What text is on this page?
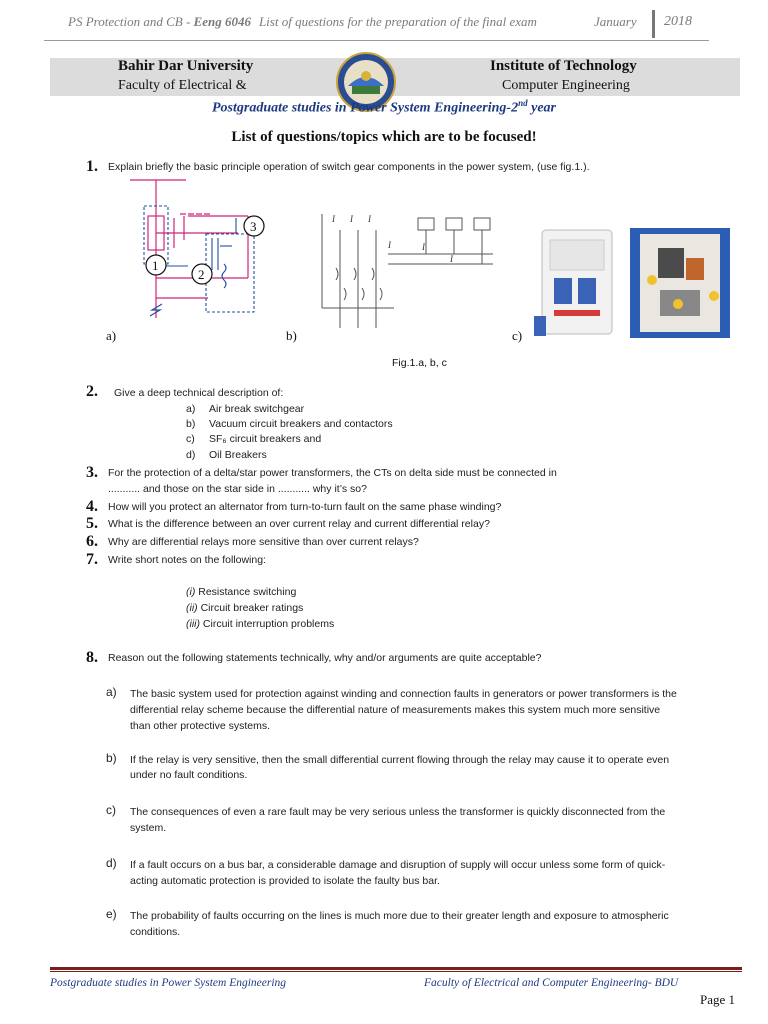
PS Protection and CB - Eeng 6046 List of questions for the preparation of the final exam	January 2018
Bahir Dar University
Faculty of Electrical &
Institute of Technology
Computer Engineering
Postgraduate studies in Power System Engineering-2nd year
List of questions/topics which are to be focused!
1. Explain briefly the basic principle operation of switch gear components in the power system, (use fig.1.).
1
2
3
a)
I I I
I	I
I
b)	c)
Fig.1.a, b, c
2. Give a deep technical description of:
a) Air break switchgear
b) Vacuum circuit breakers and contactors
c) SF₆ circuit breakers and
d) Oil Breakers
3. For the protection of a delta/star power transformers, the CTs on delta side must be connected in
........... and those on the star side in ........... why it’s so?
4. How will you protect an alternator from turn-to-turn fault on the same phase winding?
5. What is the difference between an over current relay and current differential relay?
6. Why are differential relays more sensitive than over current relays?
7. Write short notes on the following:
(i) Resistance switching
(ii) Circuit breaker ratings
(iii) Circuit interruption problems
8. Reason out the following statements technically, why and/or arguments are quite acceptable?
a) The basic system used for protection against winding and connection faults in generators or power transformers is the
differential relay scheme because the differential nature of measurements makes this system much more sensitive
than other protective systems.
b) If the relay is very sensitive, then the small differential current flowing through the relay may cause it to operate even
under no fault conditions.
c) The consequences of even a rare fault may be very serious unless the transformer is quickly disconnected from the
system.
d) If a fault occurs on a bus bar, a considerable damage and disruption of supply will occur unless some form of quick-
acting automatic protection is provided to isolate the faulty bus bar.
e) The probability of faults occurring on the lines is much more due to their greater length and exposure to atmospheric
conditions.
Postgraduate studies in Power System Engineering	Faculty of Electrical and Computer Engineering- BDU
Page 1
